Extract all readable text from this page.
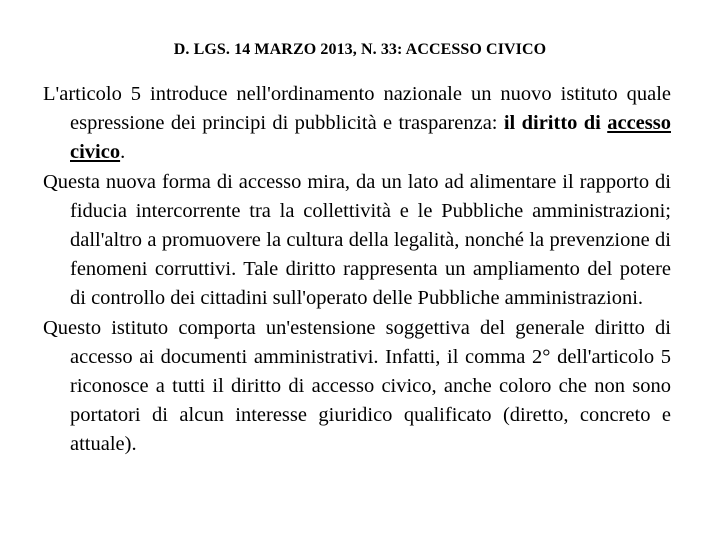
D. LGS. 14 MARZO 2013, N. 33: ACCESSO CIVICO

L'articolo 5 introduce nell'ordinamento nazionale un nuovo istituto quale espressione dei principi di pubblicità e trasparenza: il diritto di accesso civico.

Questa nuova forma di accesso mira, da un lato ad alimentare il rapporto di fiducia intercorrente tra la collettività e le Pubbliche amministrazioni; dall'altro a promuovere la cultura della legalità, nonché la prevenzione di fenomeni corruttivi. Tale diritto rappresenta un ampliamento del potere di controllo dei cittadini sull'operato delle Pubbliche amministrazioni.

Questo istituto comporta un'estensione soggettiva del generale diritto di accesso ai documenti amministrativi. Infatti, il comma 2° dell'articolo 5 riconosce a tutti il diritto di accesso civico, anche coloro che non sono portatori di alcun interesse giuridico qualificato (diretto, concreto e attuale).
